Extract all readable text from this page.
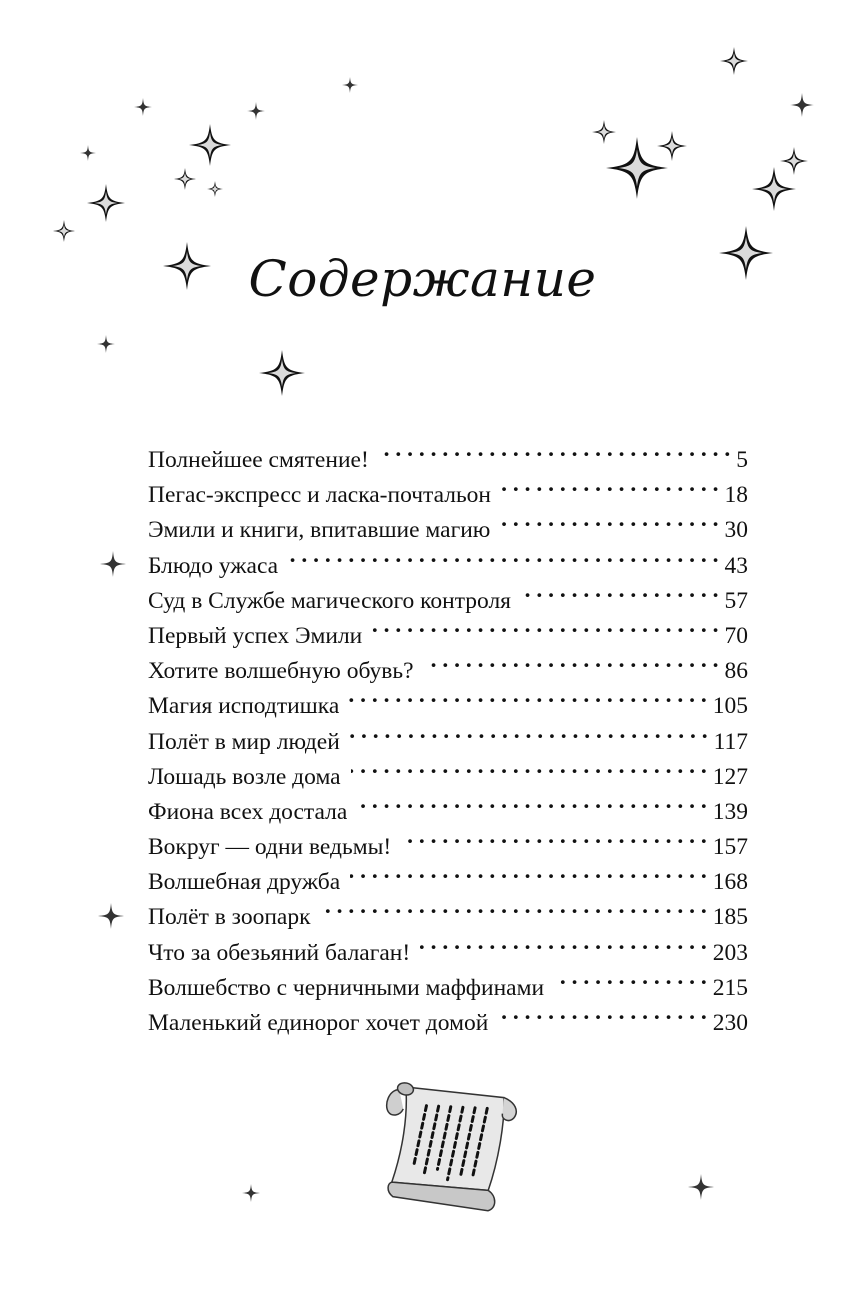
Содержание
Полнейшее смятение! . . .	5
Пегас-экспресс и ласка-почтальон . . .	18
Эмили и книги, впитавшие магию . . .	30
Блюдо ужаса . . .	43
Суд в Службе магического контроля . . .	57
Первый успех Эмили . . .	70
Хотите волшебную обувь? . . .	86
Магия исподтишка . . .	105
Полёт в мир людей . . .	117
Лошадь возле дома . . .	127
Фиона всех достала . . .	139
Вокруг — одни ведьмы! . . .	157
Волшебная дружба . . .	168
Полёт в зоопарк . . .	185
Что за обезьяний балаган! . . .	203
Волшебство с черничными маффинами . . .	215
Маленький единорог хочет домой . . .	230
